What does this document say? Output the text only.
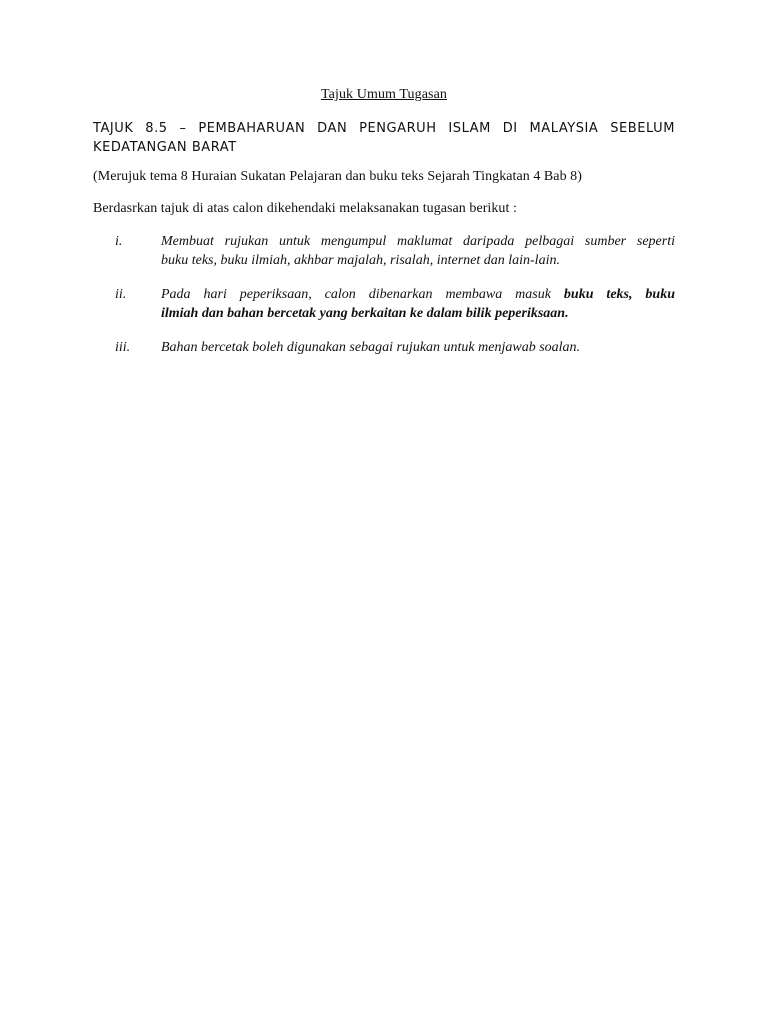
Tajuk Umum Tugasan
TAJUK 8.5 – PEMBAHARUAN DAN PENGARUH ISLAM DI MALAYSIA SEBELUM
KEDATANGAN BARAT
(Merujuk tema 8 Huraian Sukatan Pelajaran dan buku teks Sejarah Tingkatan 4 Bab 8)
Berdasrkan tajuk di atas calon dikehendaki melaksanakan tugasan berikut :
i.	Membuat rujukan untuk mengumpul maklumat daripada pelbagai sumber seperti
buku teks, buku ilmiah, akhbar majalah, risalah, internet dan lain-lain.
ii.	Pada hari peperiksaan, calon dibenarkan membawa masuk buku teks, buku
ilmiah dan bahan bercetak yang berkaitan ke dalam bilik peperiksaan.
iii.	Bahan bercetak boleh digunakan sebagai rujukan untuk menjawab soalan.
